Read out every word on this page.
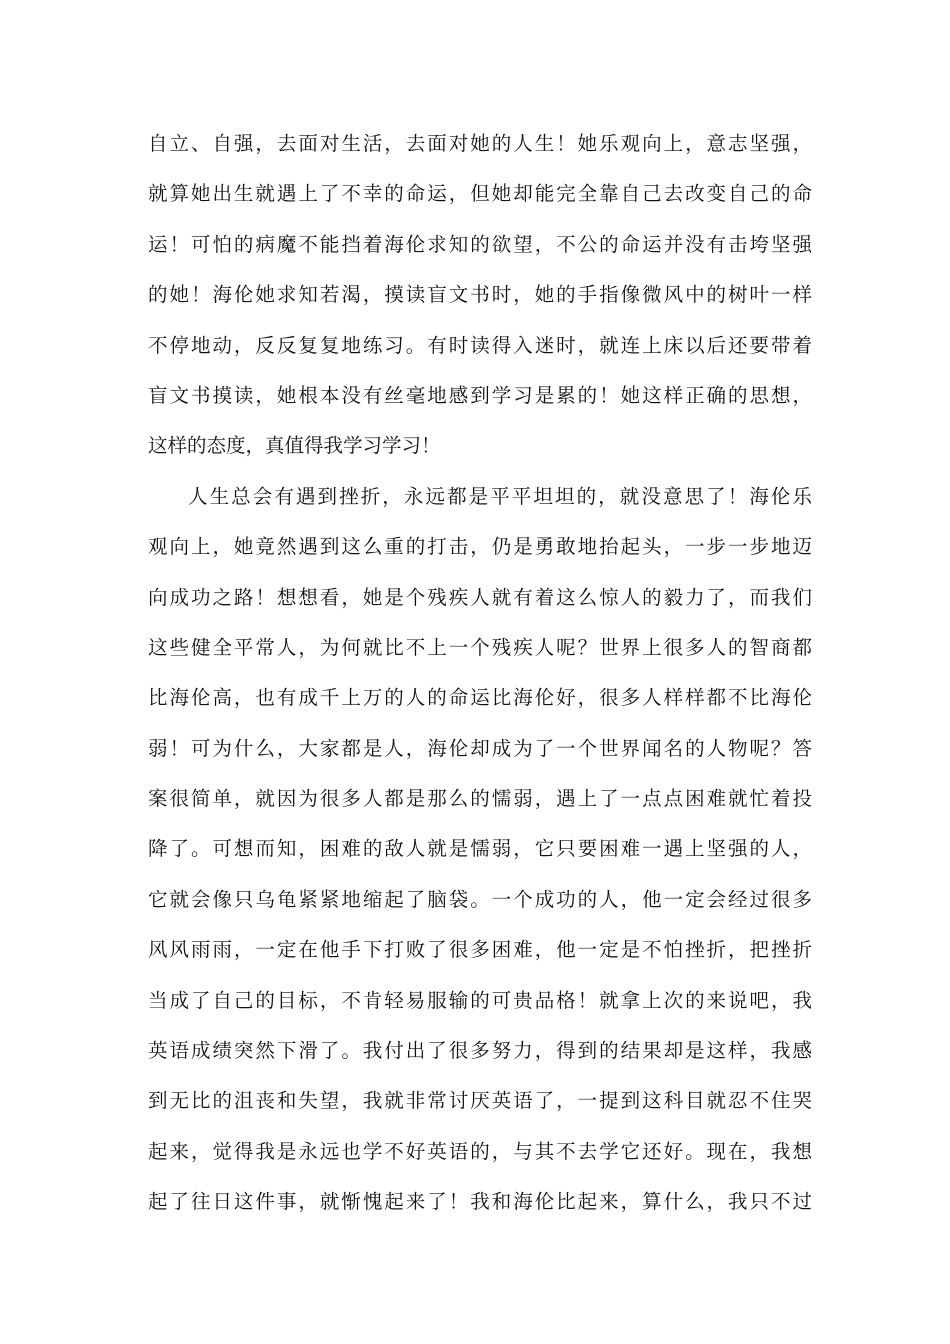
自立、自强，去面对生活，去面对她的人生！她乐观向上，意志坚强，
就算她出生就遇上了不幸的命运，但她却能完全靠自己去改变自己的命
运！可怕的病魔不能挡着海伦求知的欲望，不公的命运并没有击垮坚强
的她！海伦她求知若渴，摸读盲文书时，她的手指像微风中的树叶一样
不停地动，反反复复地练习。有时读得入迷时，就连上床以后还要带着
盲文书摸读，她根本没有丝毫地感到学习是累的！她这样正确的思想，
这样的态度，真值得我学习学习！
人生总会有遇到挫折，永远都是平平坦坦的，就没意思了！海伦乐
观向上，她竟然遇到这么重的打击，仍是勇敢地抬起头，一步一步地迈
向成功之路！想想看，她是个残疾人就有着这么惊人的毅力了，而我们
这些健全平常人，为何就比不上一个残疾人呢？世界上很多人的智商都
比海伦高，也有成千上万的人的命运比海伦好，很多人样样都不比海伦
弱！可为什么，大家都是人，海伦却成为了一个世界闻名的人物呢？答
案很简单，就因为很多人都是那么的懦弱，遇上了一点点困难就忙着投
降了。可想而知，困难的敌人就是懦弱，它只要困难一遇上坚强的人，
它就会像只乌龟紧紧地缩起了脑袋。一个成功的人，他一定会经过很多
风风雨雨，一定在他手下打败了很多困难，他一定是不怕挫折，把挫折
当成了自己的目标，不肯轻易服输的可贵品格！就拿上次的来说吧，我
英语成绩突然下滑了。我付出了很多努力，得到的结果却是这样，我感
到无比的沮丧和失望，我就非常讨厌英语了，一提到这科目就忍不住哭
起来，觉得我是永远也学不好英语的，与其不去学它还好。现在，我想
起了往日这件事，就惭愧起来了！我和海伦比起来，算什么，我只不过
